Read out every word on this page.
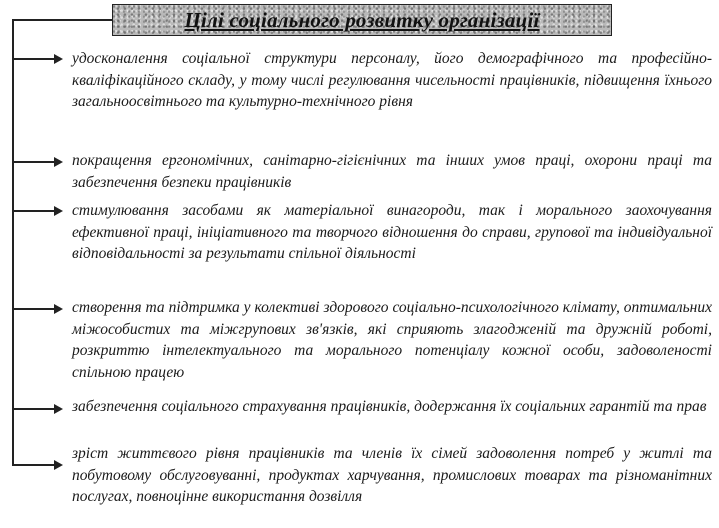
Цілі соціального розвитку організації
удосконалення соціальної структури персоналу, його демографічного та професійно-кваліфікаційного складу, у тому числі регулювання чисельності працівників, підвищення їхнього загальноосвітнього та культурно-технічного рівня
покращення ергономічних, санітарно-гігієнічних та інших умов праці, охорони праці та забезпечення безпеки працівників
стимулювання засобами як матеріальної винагороди, так і морального заохочування ефективної праці, ініціативного та творчого відношення до справи, групової та індивідуальної відповідальності за результати спільної діяльності
створення та підтримка у колективі здорового соціально-психологічного клімату, оптимальних міжособистих та міжгрупових зв'язків, які сприяють злагодженій та дружній роботі, розкриттю інтелектуального та морального потенціалу кожної особи, задоволеності спільною працею
забезпечення соціального страхування працівників, додержання їх соціальних гарантій та прав
зріст життєвого рівня працівників та членів їх сімей задоволення потреб у житлі та побутовому обслуговуванні, продуктах харчування, промислових товарах та різноманітних послугах, повноцінне використання дозвілля
